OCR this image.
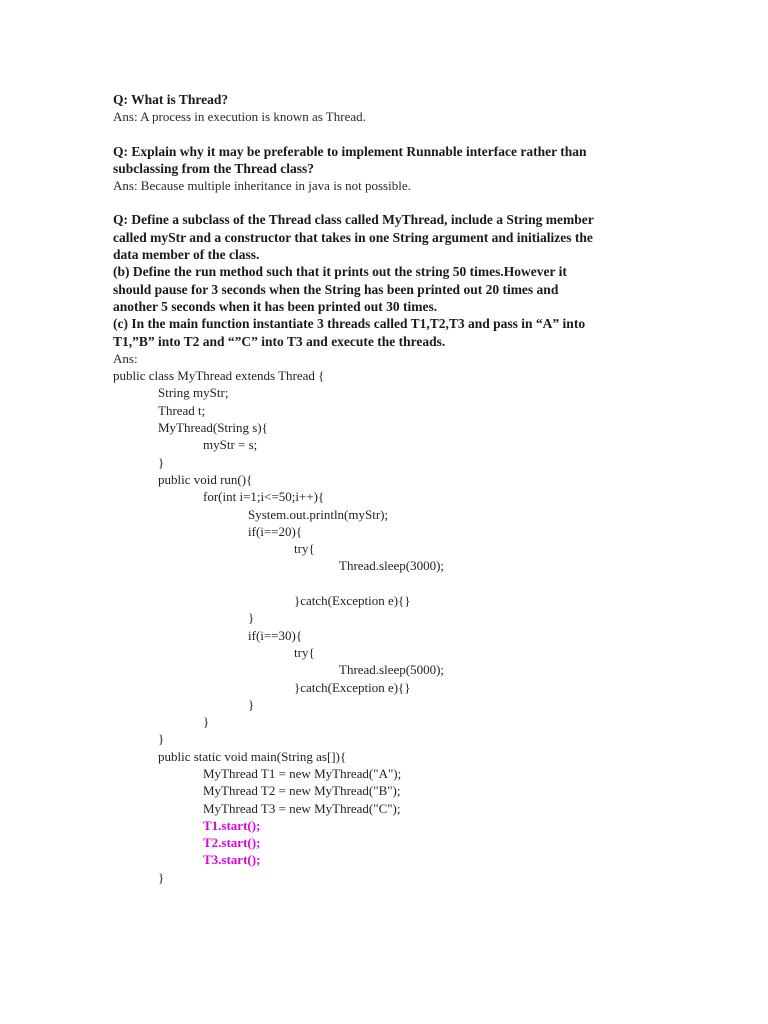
Q: What is Thread?

Ans: A process in execution is known as Thread.

Q: Explain why it may be preferable to implement Runnable interface rather than

subclassing from the Thread class?

Ans: Because multiple inheritance in java is not possible.

Q: Define a subclass of the Thread class called MyThread, include a String member

called myStr and a constructor that takes in one String argument and initializes the

data member of the class.

(b) Define the run method such that it prints out the string 50 times.However it

should pause for 3 seconds when the String has been printed out 20 times and

another 5 seconds when it has been printed out 30 times.

(c) In the main function instantiate 3 threads called T1,T2,T3 and pass in “A” into

T1,”B” into T2 and “”C” into T3 and execute the threads.

Ans:

public class MyThread extends Thread {
String myStr;
Thread t;
MyThread(String s){
myStr = s;
}
public void run(){
for(int i=1;i<=50;i++){
System.out.println(myStr);
if(i==20){
try{
Thread.sleep(3000);
}catch(Exception e){}
}
if(i==30){
try{
Thread.sleep(5000);
}catch(Exception e){}
}
}
}
public static void main(String as[]){
MyThread T1 = new MyThread("A");
MyThread T2 = new MyThread("B");
MyThread T3 = new MyThread("C");
T1.start();
T2.start();
T3.start();
}
